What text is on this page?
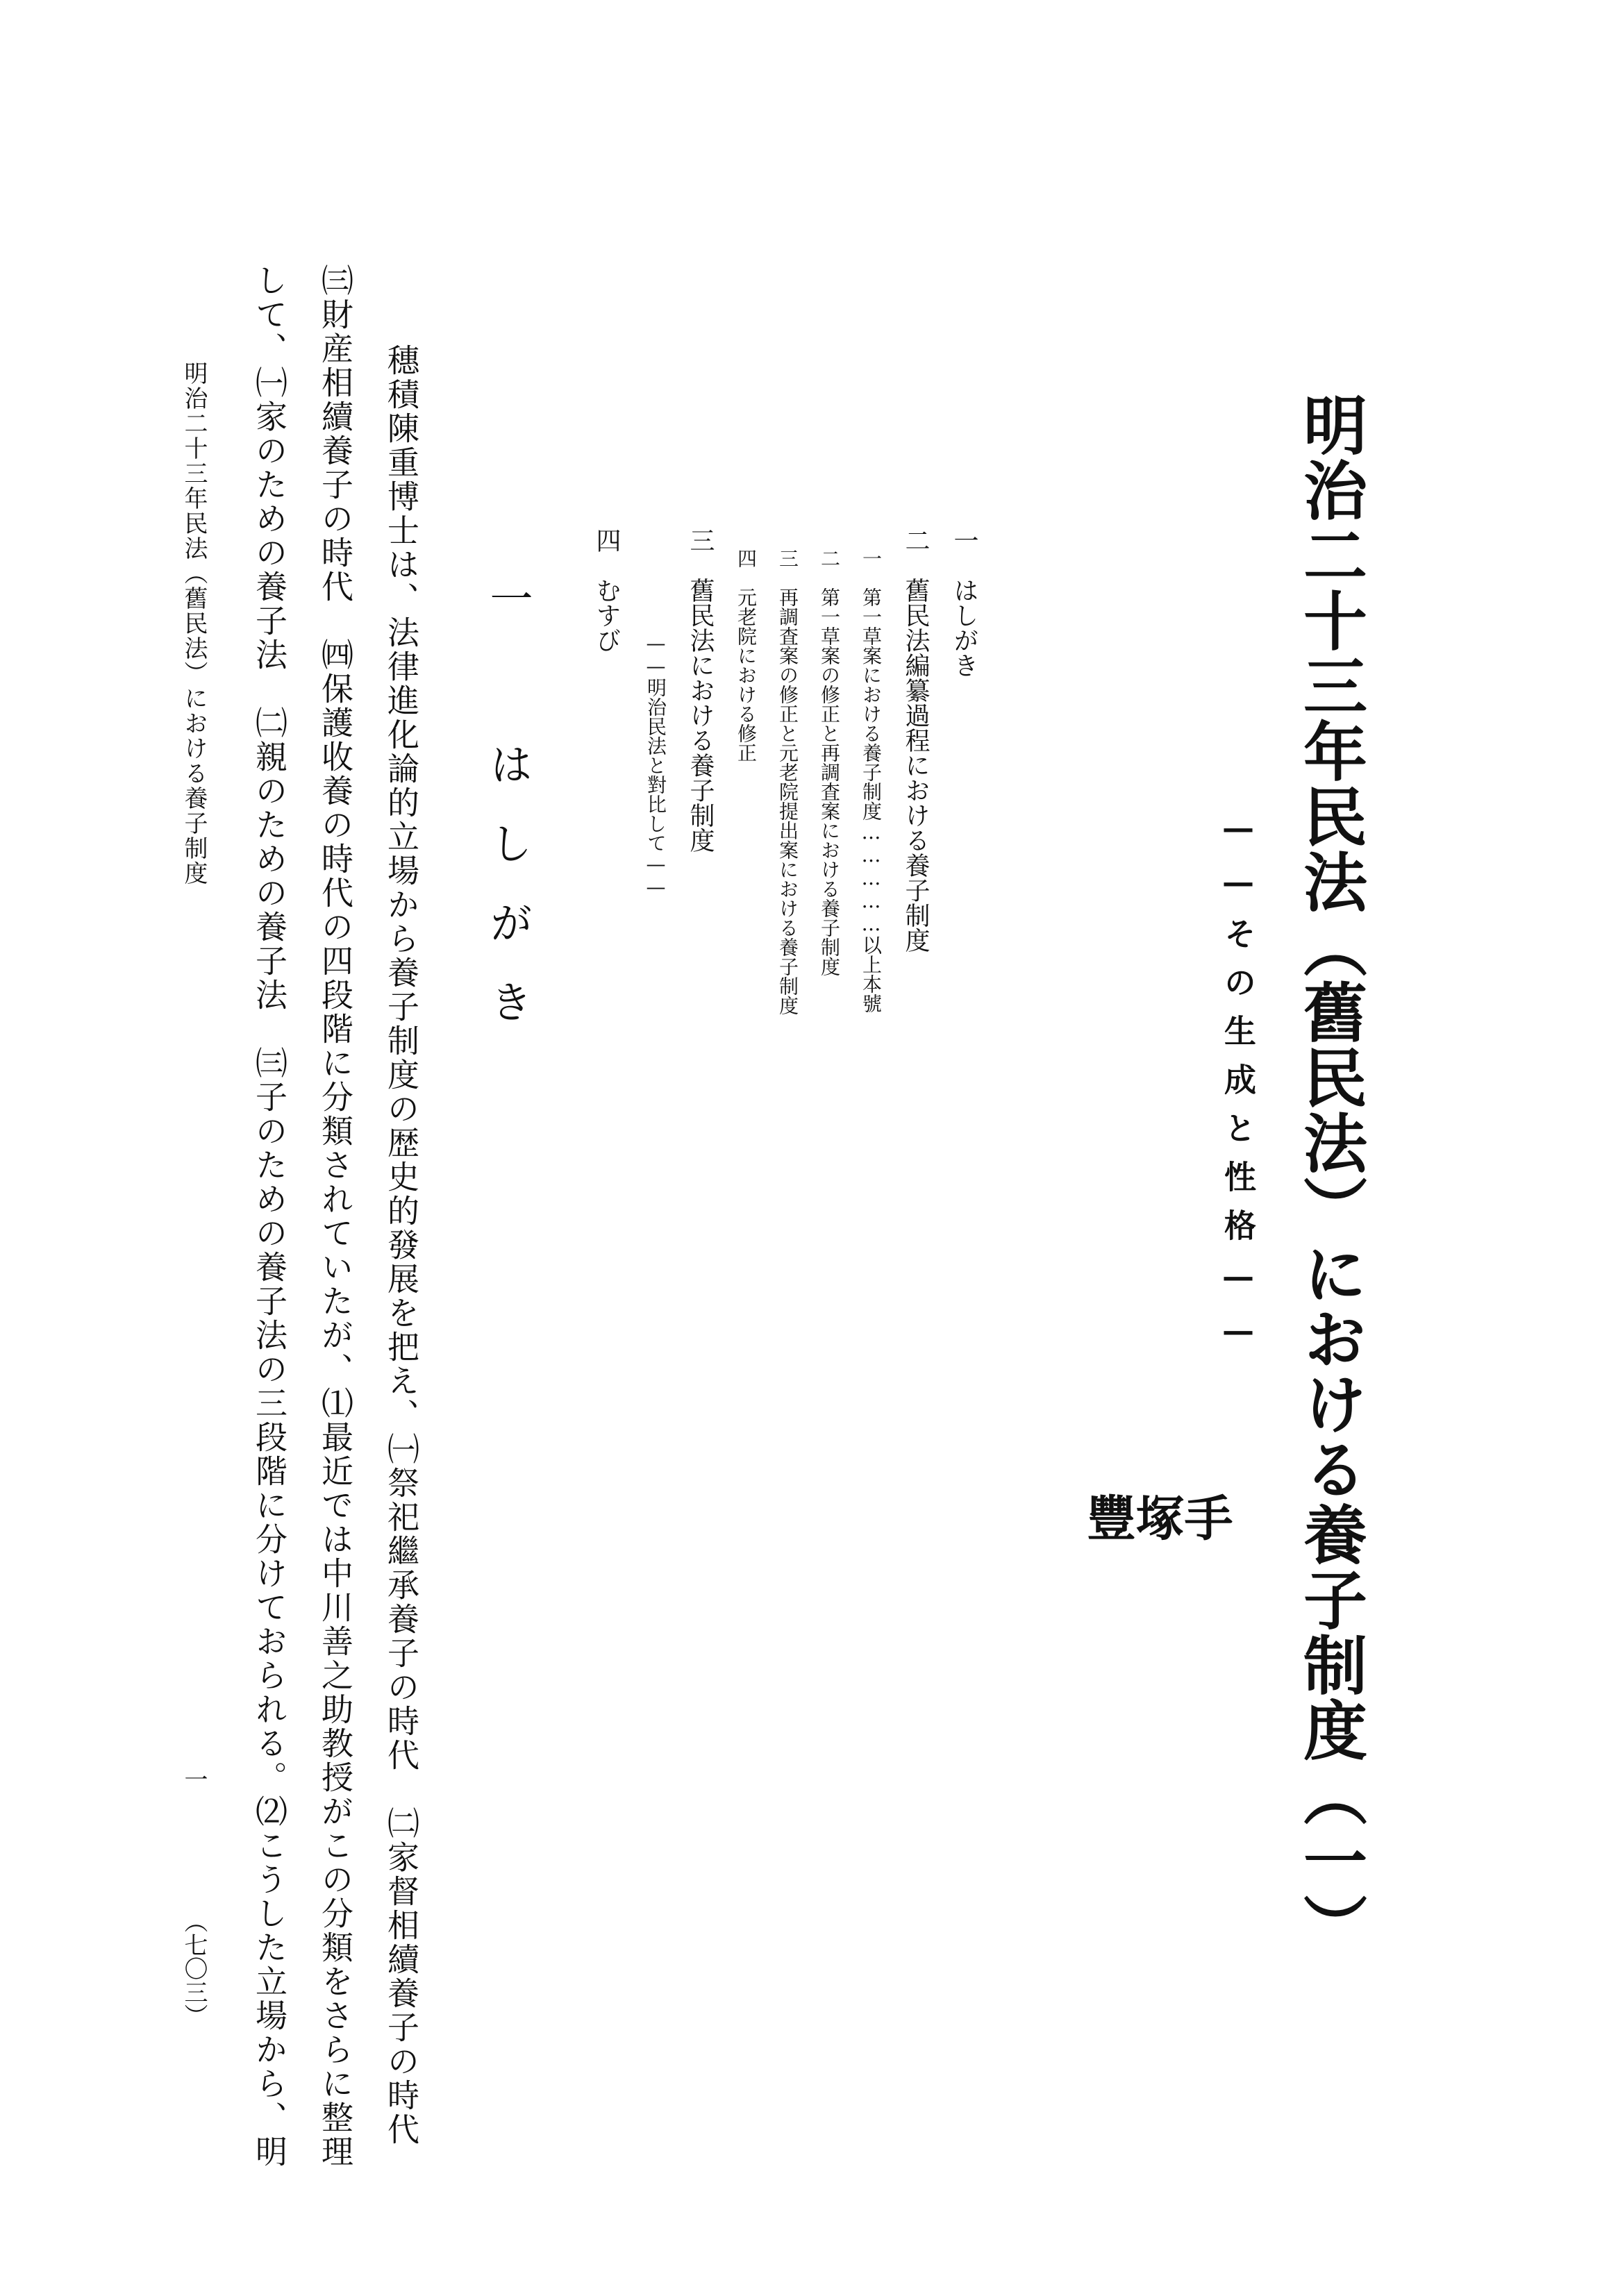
明治二十三年民法（舊民法）における養子制度（一）
——その生成と性格——
手
塚
豐
一はしがき
二舊民法編纂過程における養子制度
一第一草案における養子制度……………以上本號
二第一草案の修正と再調査案における養子制度
三再調査案の修正と元老院提出案における養子制度
四元老院における修正
三舊民法における養子制度
——明治民法と對比して——
四むすび
一 はしがき
穗積陳重博士は、法律進化論的立場から養子制度の歴史的發展を把え、㈠祭祀繼承養子の時代　㈡家督相續養子の時代
㈢財産相續養子の時代　㈣保護收養の時代の四段階に分類されていたが、⑴最近では中川善之助教授がこの分類をさらに整理
して、㈠家のための養子法　㈡親のための養子法　㈢子のための養子法の三段階に分けておられる。⑵こうした立場から、明
明治二十三年民法（舊民法）における養子制度
一
（七〇三）
